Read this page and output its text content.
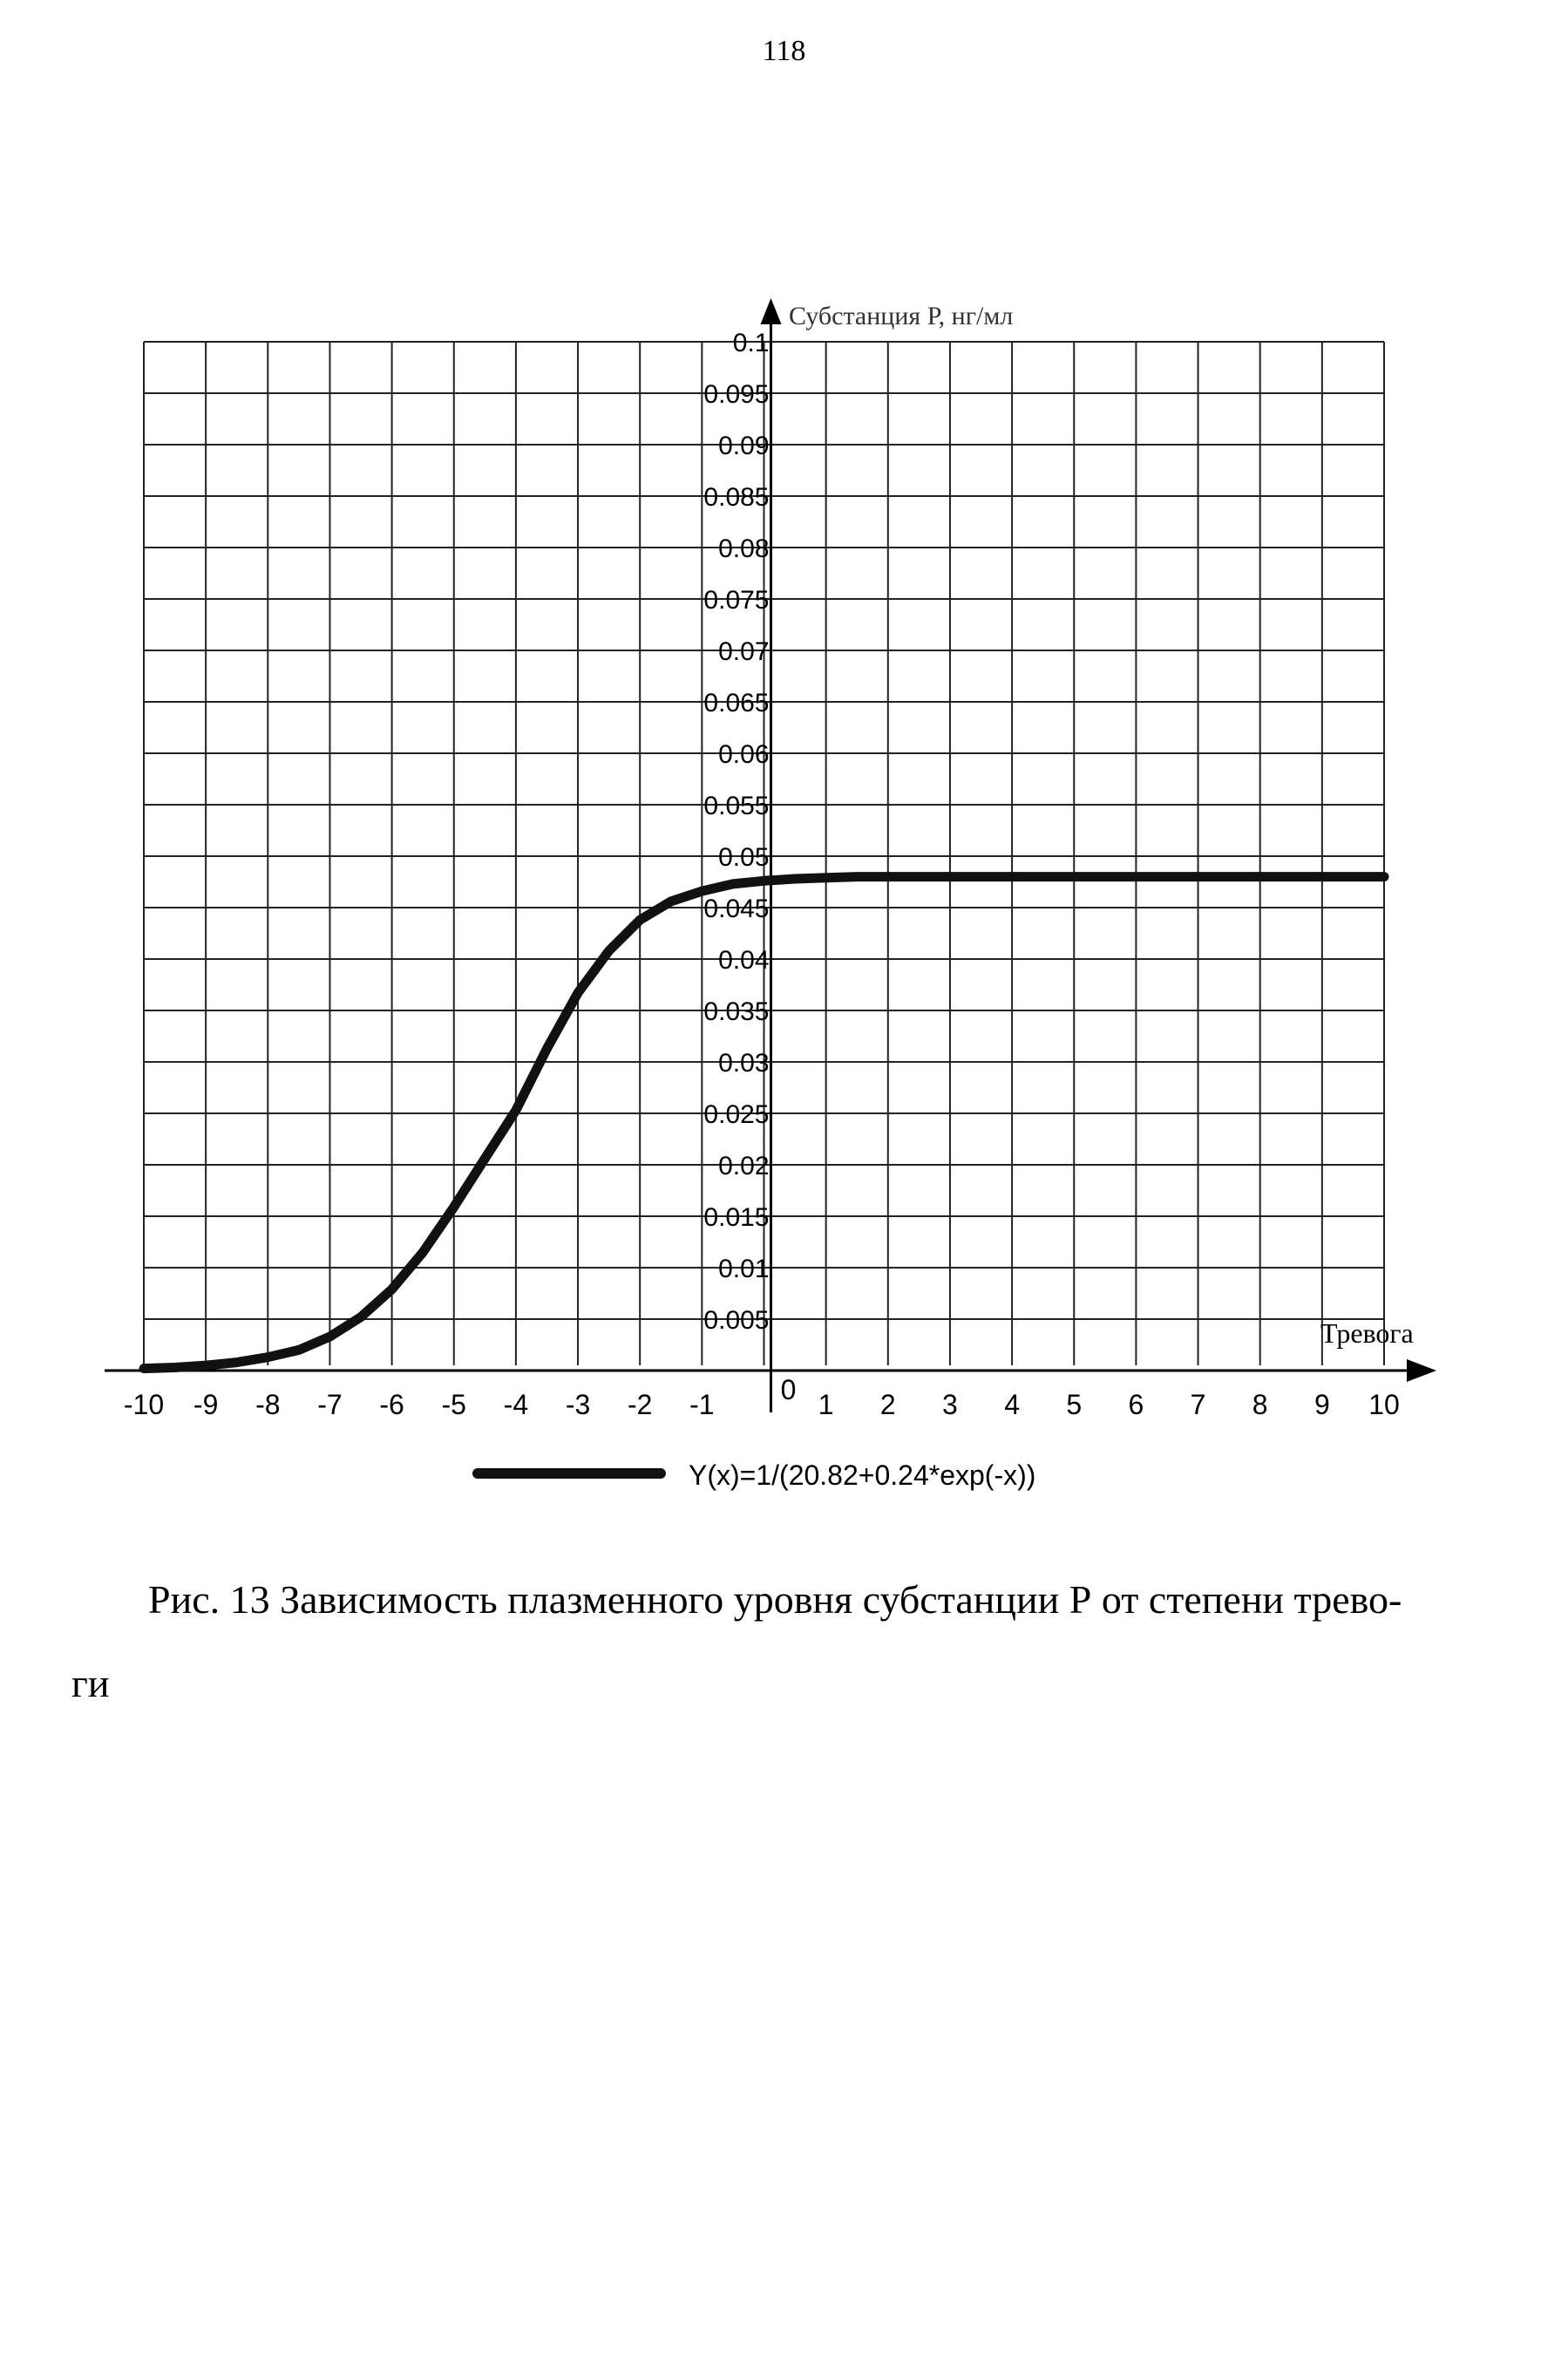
118
0.1
0.095
0.09
0.085
0.08
0.075
0.07
0.065
0.06
0.055
0.05
0.045
0.04
0.035
0.03
0.025
0.02
0.015
0.01
0.005
-10 -9 -8 -7 -6 -5 -4 -3 -2 -1 0 1 2 3 4 5 6 7 8 9 10
Субстанция Р, нг/мл
Тревога
Y(x)=1/(20.82+0.24*exp(-x))
Рис. 13 Зависимость плазменного уровня субстанции Р от степени трево-
ги
